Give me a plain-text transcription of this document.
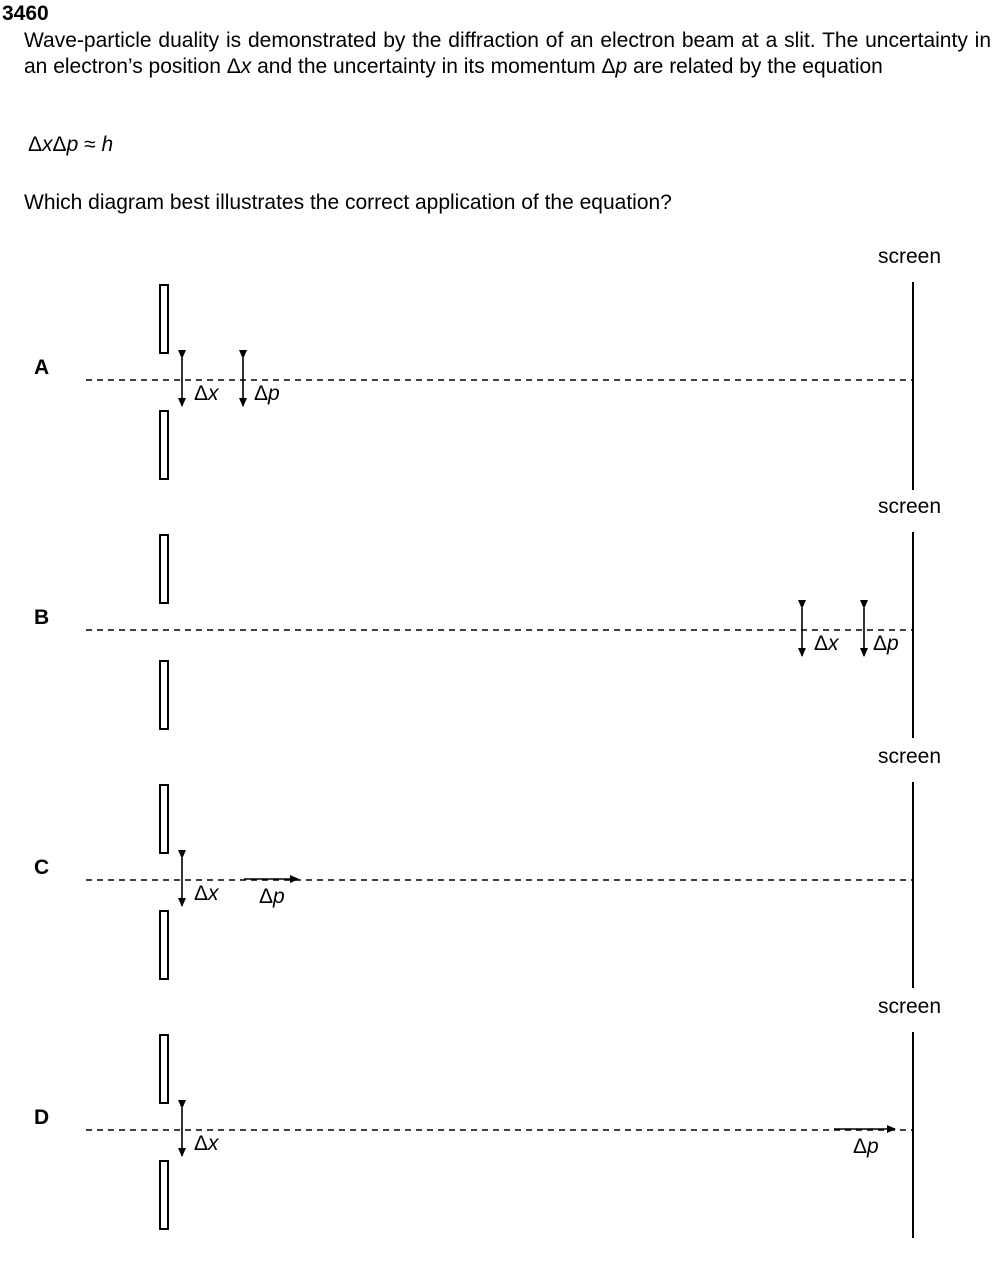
3460

Wave-particle duality is demonstrated by the diffraction of an electron beam at a slit. The uncertainty in an electron’s position Δx and the uncertainty in its momentum Δp are related by the equation

ΔxΔp ≈ h
Which diagram best illustrates the correct application of the equation?
screen
A
Δx Δp
screen
B
Δx Δp
screen
C
Δx Δp
screen
D
Δx	Δp
